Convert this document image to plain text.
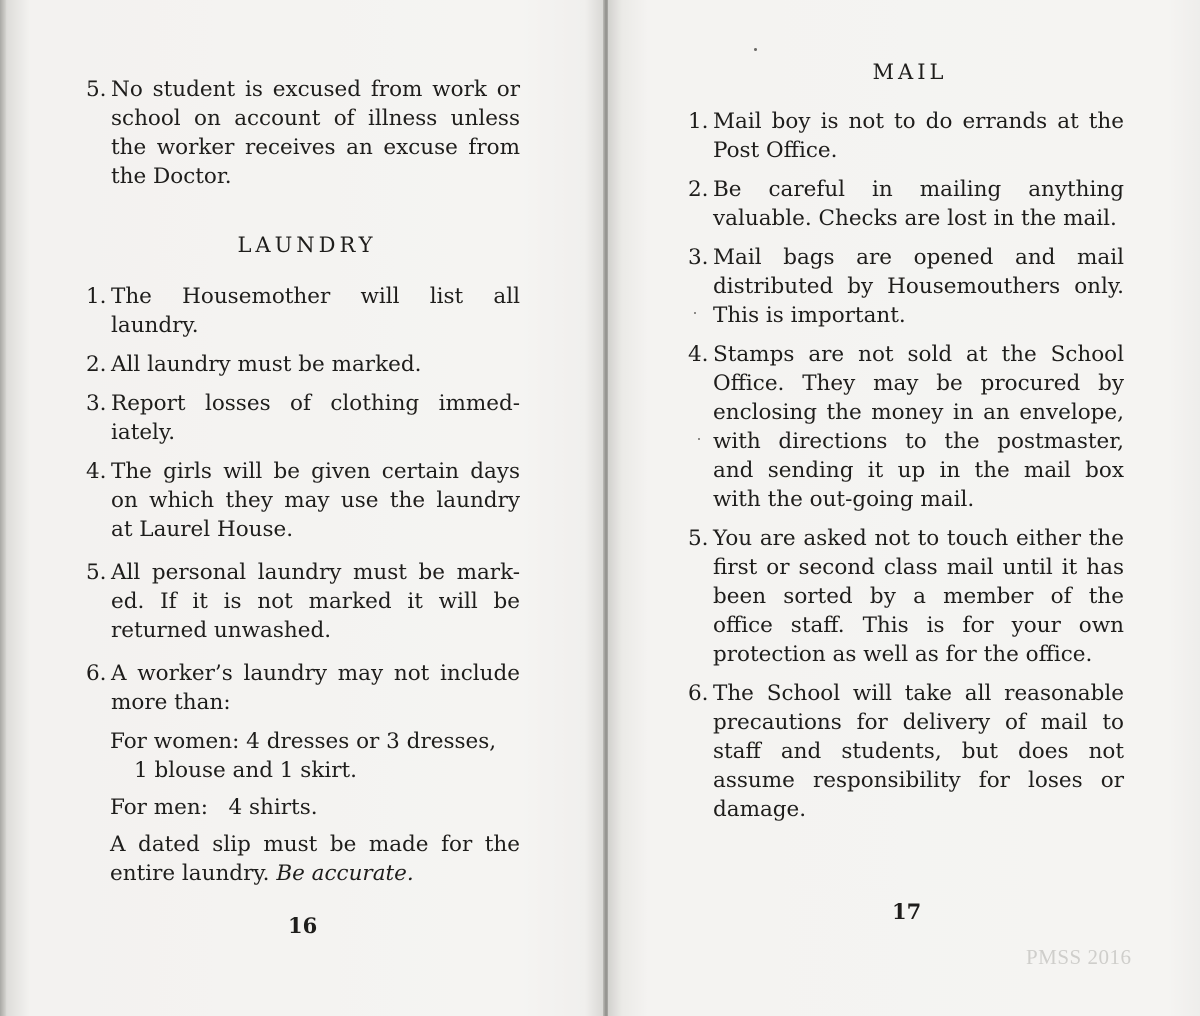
5. No student is excused from work or school on account of illness unless the worker receives an excuse from the Doctor.
LAUNDRY
1. The Housemother will list all laundry.
2. All laundry must be marked.
3. Report losses of clothing immed-iately.
4. The girls will be given certain days on which they may use the laundry at Laurel House.
5. All personal laundry must be mark-ed. If it is not marked it will be returned unwashed.
6. A worker’s laundry may not include more than:
For women: 4 dresses or 3 dresses,
1 blouse and 1 skirt.
For men:   4 shirts.
A dated slip must be made for the entire laundry. Be accurate.
16
MAIL
1. Mail boy is not to do errands at the Post Office.
2. Be careful in mailing anything valuable. Checks are lost in the mail.
3. Mail bags are opened and mail distributed by Housemouthers only. This is important.
4. Stamps are not sold at the School Office. They may be procured by enclosing the money in an envelope, with directions to the postmaster, and sending it up in the mail box with the out-going mail.
5. You are asked not to touch either the first or second class mail until it has been sorted by a member of the office staff. This is for your own protection as well as for the office.
6. The School will take all reasonable precautions for delivery of mail to staff and students, but does not assume responsibility for loses or damage.
17
PMSS 2016
